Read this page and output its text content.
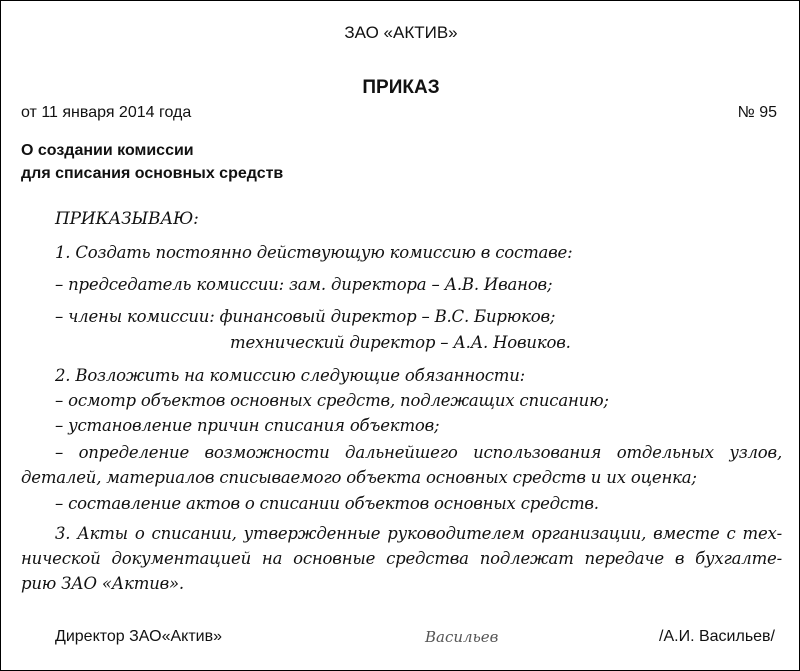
ЗАО «АКТИВ»
ПРИКАЗ
от 11 января 2014 года	№ 95
О создании комиссии
для списания основных средств
ПРИКАЗЫВАЮ:
1. Создать постоянно действующую комиссию в составе:
– председатель комиссии: зам. директора – А.В. Иванов;
– члены комиссии: финансовый директор – В.С. Бирюков;
технический директор – А.А. Новиков.
2. Возложить на комиссию следующие обязанности:
– осмотр объектов основных средств, подлежащих списанию;
– установление причин списания объектов;
– определение возможности дальнейшего использования отдельных узлов,
деталей, материалов списываемого объекта основных средств и их оценка;
– составление актов о списании объектов основных средств.
3. Акты о списании, утвержденные руководителем организации, вместе с тех-
нической документацией на основные средства подлежат передаче в бухгалте-
рию ЗАО «Актив».
Директор ЗАО«Актив»	Васильев	/А.И. Васильев/
